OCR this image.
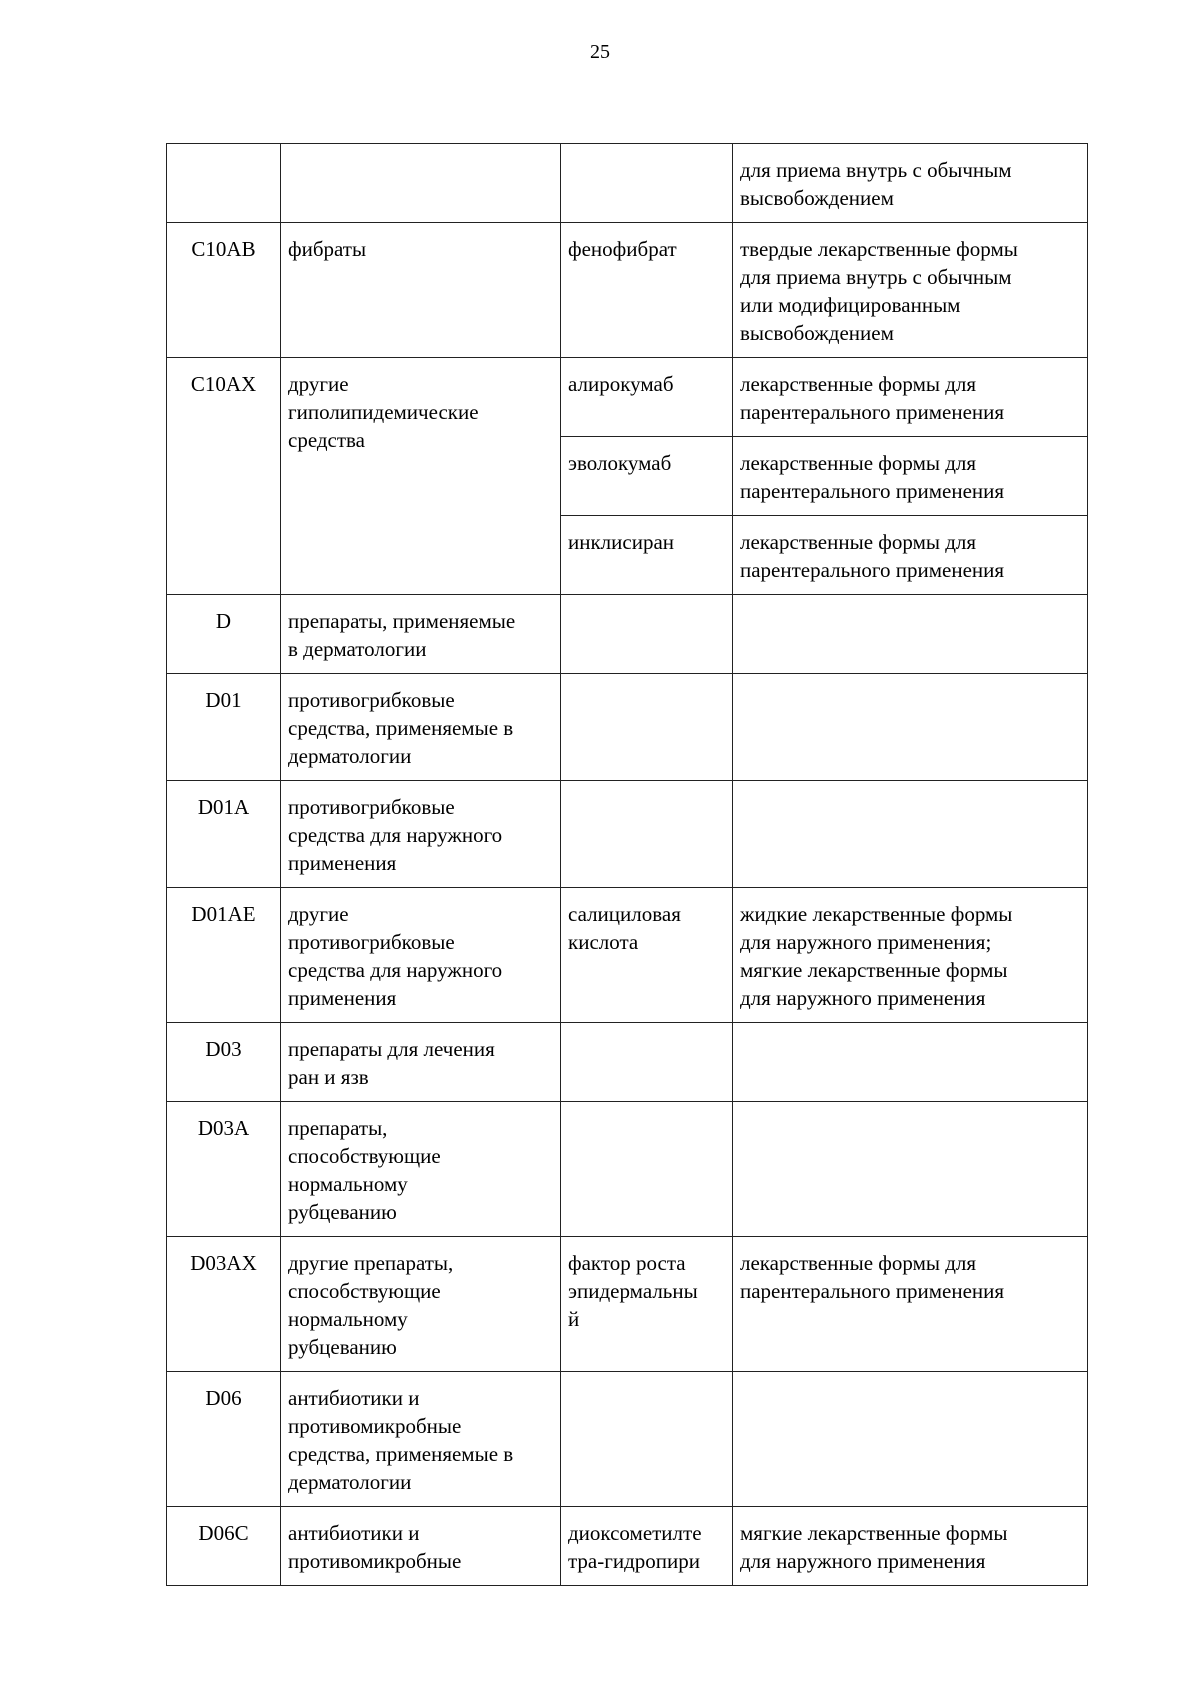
25

			для приема внутрь с обычным
высвобождением

C10AB	фибраты	фенофибрат	твердые лекарственные формы
для приема внутрь с обычным
или модифицированным
высвобождением

C10AX	другие
гиполипидемические
средства	алирокумаб	лекарственные формы для
парентерального применения

		эволокумаб	лекарственные формы для
парентерального применения

		инклисиран	лекарственные формы для
парентерального применения

D	препараты, применяемые
в дерматологии		

D01	противогрибковые
средства, применяемые в
дерматологии		

D01A	противогрибковые
средства для наружного
применения		

D01AE	другие
противогрибковые
средства для наружного
применения	салициловая
кислота	жидкие лекарственные формы
для наружного применения;
мягкие лекарственные формы
для наружного применения

D03	препараты для лечения
ран и язв		

D03A	препараты,
способствующие
нормальному
рубцеванию		

D03AX	другие препараты,
способствующие
нормальному
рубцеванию	фактор роста
эпидермальны
й	лекарственные формы для
парентерального применения

D06	антибиотики и
противомикробные
средства, применяемые в
дерматологии		

D06C	антибиотики и
противомикробные	диоксометилте
тра-гидропири	мягкие лекарственные формы
для наружного применения
